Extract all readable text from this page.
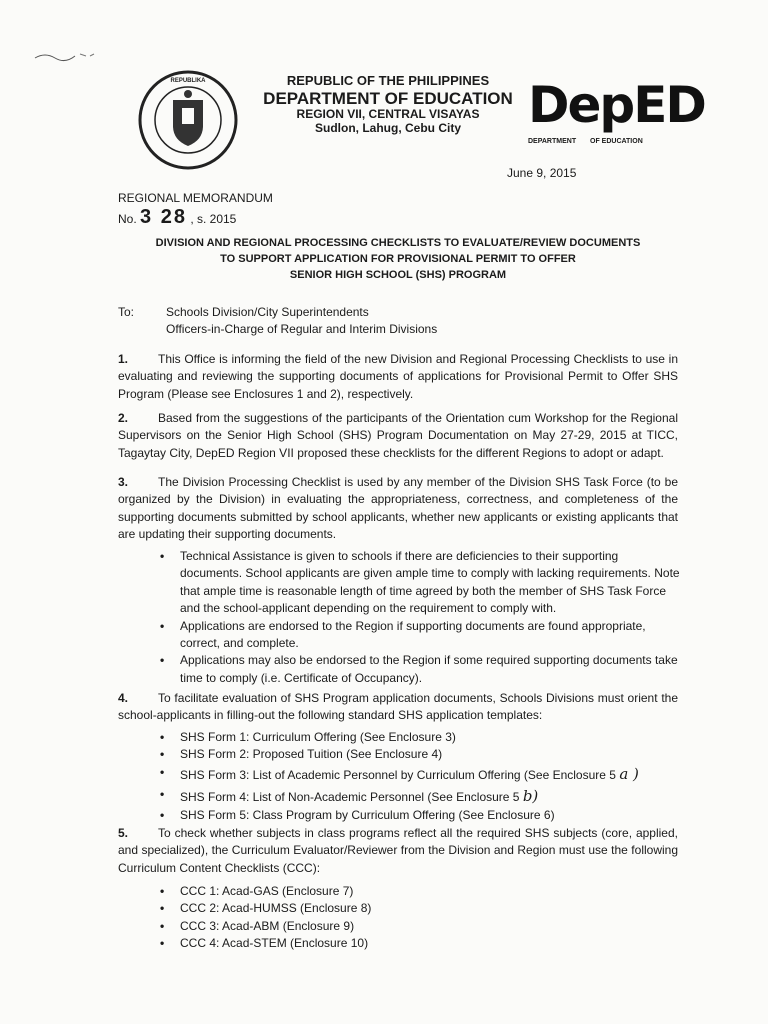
REPUBLIKA	REPUBLIC OF THE PHILIPPINES
DEPARTMENT OF EDUCATION
REGION VII, CENTRAL VISAYAS
Sudlon, Lahug, Cebu City	DepED
DEPARTMENT OF EDUCATION
June 9, 2015
REGIONAL MEMORANDUM
No. 3 28 , s. 2015
DIVISION AND REGIONAL PROCESSING CHECKLISTS TO EVALUATE/REVIEW DOCUMENTS
TO SUPPORT APPLICATION FOR PROVISIONAL PERMIT TO OFFER
SENIOR HIGH SCHOOL (SHS) PROGRAM
To:	Schools Division/City Superintendents
Officers-in-Charge of Regular and Interim Divisions
1. This Office is informing the field of the new Division and Regional Processing Checklists to use in evaluating and reviewing the supporting documents of applications for Provisional Permit to Offer SHS Program (Please see Enclosures 1 and 2), respectively.
2. Based from the suggestions of the participants of the Orientation cum Workshop for the Regional Supervisors on the Senior High School (SHS) Program Documentation on May 27-29, 2015 at TICC, Tagaytay City, DepED Region VII proposed these checklists for the different Regions to adopt or adapt.
3. The Division Processing Checklist is used by any member of the Division SHS Task Force (to be organized by the Division) in evaluating the appropriateness, correctness, and completeness of the supporting documents submitted by school applicants, whether new applicants or existing applicants that are updating their supporting documents.
• Technical Assistance is given to schools if there are deficiencies to their supporting documents. School applicants are given ample time to comply with lacking requirements. Note that ample time is reasonable length of time agreed by both the member of SHS Task Force and the school-applicant depending on the requirement to comply with.
• Applications are endorsed to the Region if supporting documents are found appropriate, correct, and complete.
• Applications may also be endorsed to the Region if some required supporting documents take time to comply (i.e. Certificate of Occupancy).
4. To facilitate evaluation of SHS Program application documents, Schools Divisions must orient the school-applicants in filling-out the following standard SHS application templates:
• SHS Form 1: Curriculum Offering (See Enclosure 3)
• SHS Form 2: Proposed Tuition (See Enclosure 4)
• SHS Form 3: List of Academic Personnel by Curriculum Offering (See Enclosure 5 a )
• SHS Form 4: List of Non-Academic Personnel (See Enclosure 5 b)
• SHS Form 5: Class Program by Curriculum Offering (See Enclosure 6)
5. To check whether subjects in class programs reflect all the required SHS subjects (core, applied, and specialized), the Curriculum Evaluator/Reviewer from the Division and Region must use the following Curriculum Content Checklists (CCC):
• CCC 1: Acad-GAS (Enclosure 7)
• CCC 2: Acad-HUMSS (Enclosure 8)
• CCC 3: Acad-ABM (Enclosure 9)
• CCC 4: Acad-STEM (Enclosure 10)
